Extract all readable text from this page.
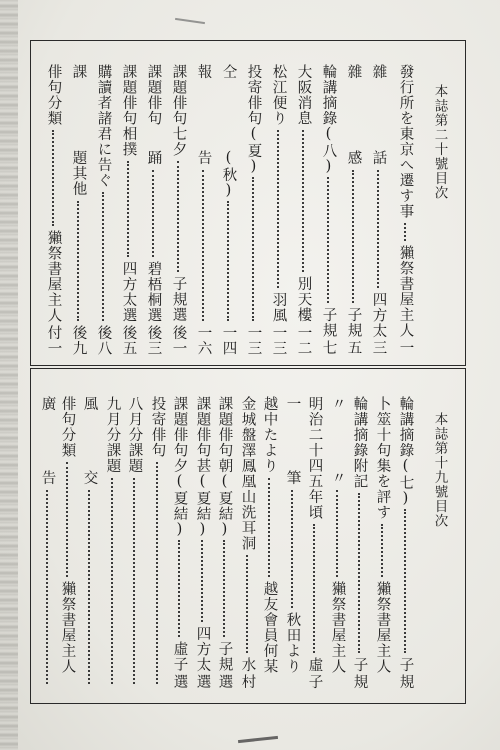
本誌第二十號目次
發行所を東京へ遷す事
獺祭書屋主人
一
雜
話
四方太
三
雜
感
子規
五
輪講摘錄(八)
子規
七
大阪消息
別天樓
一二
松江便り
羽風
一三
投寄俳句(夏)
一三
仝
(秋)
一四
報
告
一六
課題俳句七夕
子規選
後一
課題俳句
踊
碧梧桐選
後三
課題俳句相撲
四方太選
後五
購讀者諸君に告ぐ
後八
課
題其他
後九
俳句分類
獺祭書屋主人
付一
本誌第十九號目次
輪講摘錄(七)
子
規
卜筮十句集を評す
獺祭書屋主人
輪講摘錄附記
子
規
〃
〃
獺祭書屋主人
明治二十四五年頃
虛
子
一
筆
秋田より
越中たより
越友會員何某
金城盤澤鳳凰山洗耳洞
水
村
課題俳句朝(夏結)
子規
選
課題俳句甚(夏結)
四方太
選
課題俳句夕(夏結)
虛子
選
投寄俳句
八月分課題
九月分課題
風
交
俳句分類
獺祭書屋主人
廣
告
